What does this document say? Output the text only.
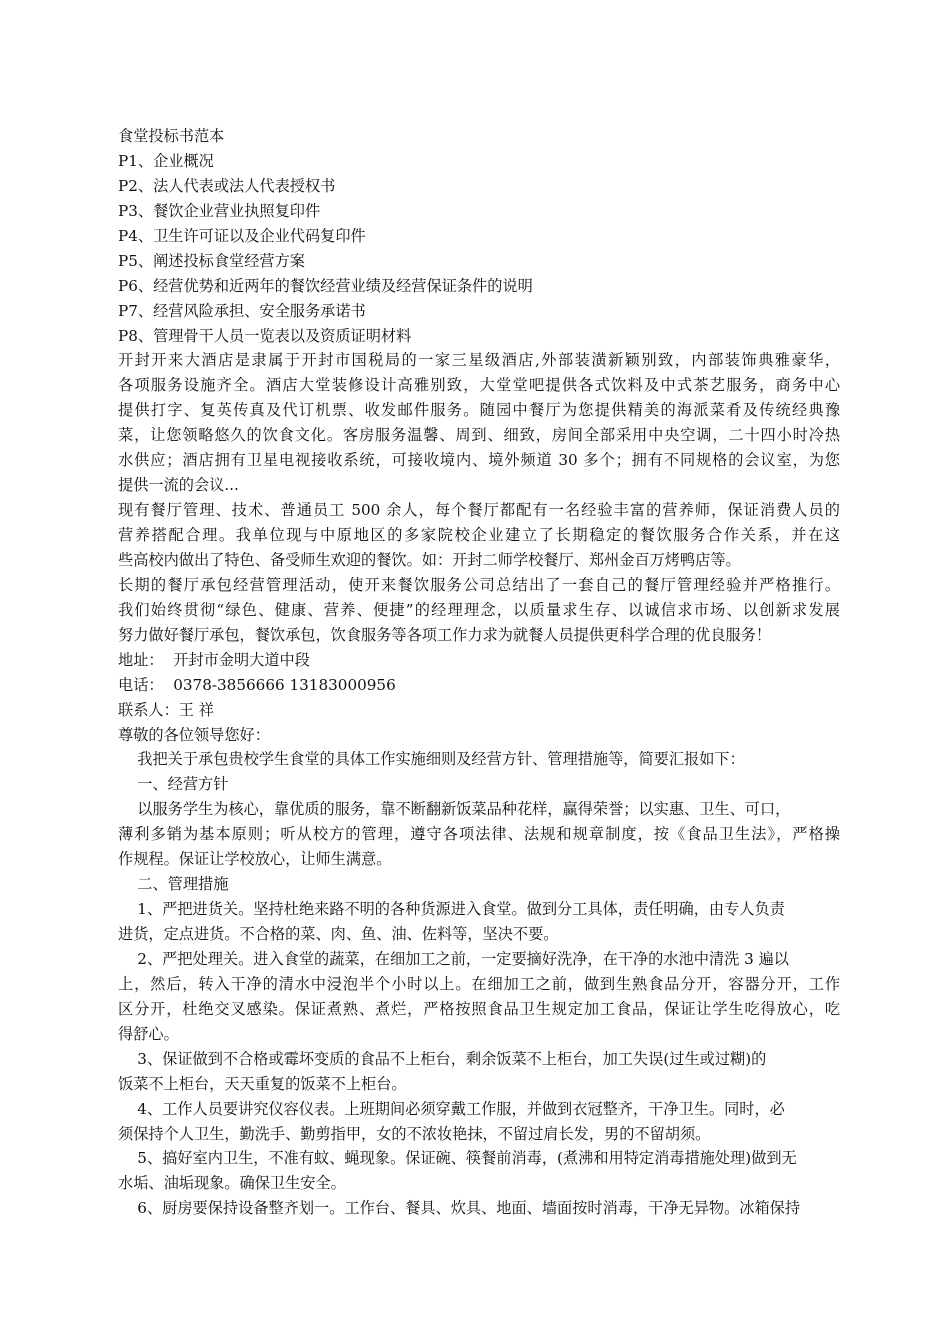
食堂投标书范本
P1、企业概况
P2、法人代表或法人代表授权书
P3、餐饮企业营业执照复印件
P4、卫生许可证以及企业代码复印件
P5、阐述投标食堂经营方案
P6、经营优势和近两年的餐饮经营业绩及经营保证条件的说明
P7、经营风险承担、安全服务承诺书
P8、管理骨干人员一览表以及资质证明材料
开封开来大酒店是隶属于开封市国税局的一家三星级酒店,外部装潢新颖别致，内部装饰典雅豪华，
各项服务设施齐全。酒店大堂装修设计高雅别致，大堂堂吧提供各式饮料及中式茶艺服务，商务中心
提供打字、复英传真及代订机票、收发邮件服务。随园中餐厅为您提供精美的海派菜肴及传统经典豫
菜，让您领略悠久的饮食文化。客房服务温馨、周到、细致，房间全部采用中央空调，二十四小时冷热
水供应；酒店拥有卫星电视接收系统，可接收境内、境外频道 30 多个；拥有不同规格的会议室，为您
提供一流的会议...
现有餐厅管理、技术、普通员工 500 余人，每个餐厅都配有一名经验丰富的营养师，保证消费人员的
营养搭配合理。我单位现与中原地区的多家院校企业建立了长期稳定的餐饮服务合作关系，并在这
些高校内做出了特色、备受师生欢迎的餐饮。如：开封二师学校餐厅、郑州金百万烤鸭店等。
长期的餐厅承包经营管理活动，使开来餐饮服务公司总结出了一套自己的餐厅管理经验并严格推行。
我们始终贯彻“绿色、健康、营养、便捷”的经理理念，以质量求生存、以诚信求市场、以创新求发展
努力做好餐厅承包，餐饮承包，饮食服务等各项工作力求为就餐人员提供更科学合理的优良服务！
地址：  开封市金明大道中段
电话：  0378-3856666 13183000956
联系人：王 祥
尊敬的各位领导您好：
我把关于承包贵校学生食堂的具体工作实施细则及经营方针、管理措施等，简要汇报如下：
一、经营方针
以服务学生为核心，靠优质的服务，靠不断翻新饭菜品种花样，赢得荣誉；以实惠、卫生、可口，
薄利多销为基本原则；听从校方的管理，遵守各项法律、法规和规章制度，按《食品卫生法》，严格操
作规程。保证让学校放心，让师生满意。
二、管理措施
1、严把进货关。坚持杜绝来路不明的各种货源进入食堂。做到分工具体，责任明确，由专人负责
进货，定点进货。不合格的菜、肉、鱼、油、佐料等，坚决不要。
2、严把处理关。进入食堂的蔬菜，在细加工之前，一定要摘好洗净，在干净的水池中清洗 3 遍以
上，然后，转入干净的清水中浸泡半个小时以上。在细加工之前，做到生熟食品分开，容器分开，工作
区分开，杜绝交叉感染。保证煮熟、煮烂，严格按照食品卫生规定加工食品，保证让学生吃得放心，吃
得舒心。
3、保证做到不合格或霉坏变质的食品不上柜台，剩余饭菜不上柜台，加工失误(过生或过糊)的
饭菜不上柜台，天天重复的饭菜不上柜台。
4、工作人员要讲究仪容仪表。上班期间必须穿戴工作服，并做到衣冠整齐，干净卫生。同时，必
须保持个人卫生，勤洗手、勤剪指甲，女的不浓妆艳抹，不留过肩长发，男的不留胡须。
5、搞好室内卫生，不准有蚊、蝇现象。保证碗、筷餐前消毒，(煮沸和用特定消毒措施处理)做到无
水垢、油垢现象。确保卫生安全。
6、厨房要保持设备整齐划一。工作台、餐具、炊具、地面、墙面按时消毒，干净无异物。冰箱保持
